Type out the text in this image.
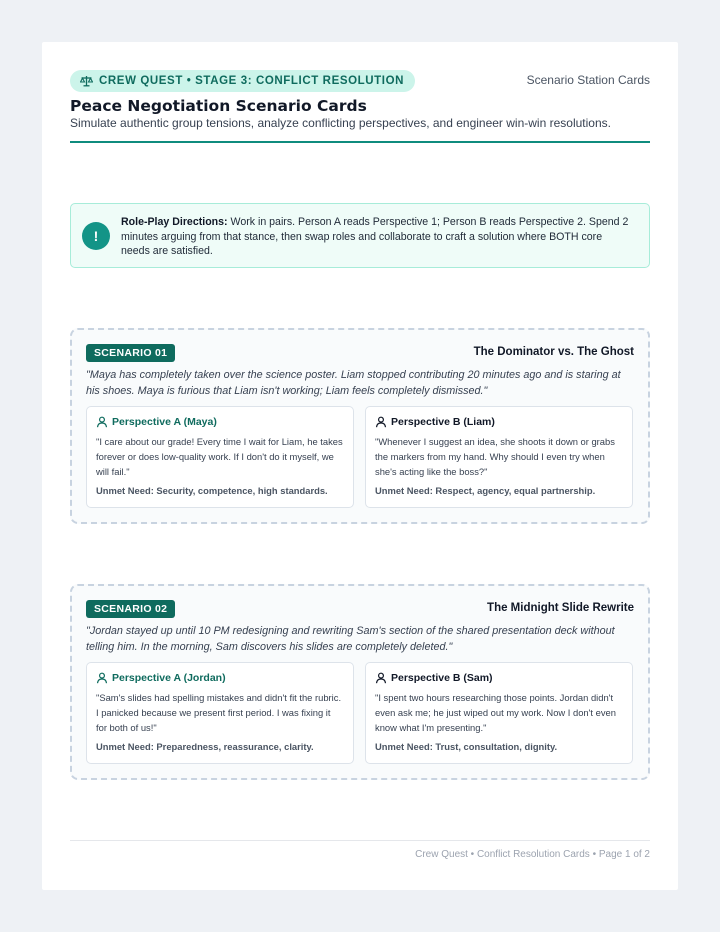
CREW QUEST • STAGE 3: CONFLICT RESOLUTION	Scenario Station Cards
Peace Negotiation Scenario Cards
Simulate authentic group tensions, analyze conflicting perspectives, and engineer win-win resolutions.
!
Role-Play Directions: Work in pairs. Person A reads Perspective 1; Person B reads Perspective 2. Spend 2 minutes arguing from that stance, then swap roles and collaborate to craft a solution where BOTH core needs are satisfied.
SCENARIO 01	The Dominator vs. The Ghost
"Maya has completely taken over the science poster. Liam stopped contributing 20 minutes ago and is staring at his shoes. Maya is furious that Liam isn't working; Liam feels completely dismissed."
Perspective A (Maya)
"I care about our grade! Every time I wait for Liam, he takes forever or does low-quality work. If I don't do it myself, we will fail."
Unmet Need: Security, competence, high standards.
Perspective B (Liam)
"Whenever I suggest an idea, she shoots it down or grabs the markers from my hand. Why should I even try when she's acting like the boss?"
Unmet Need: Respect, agency, equal partnership.
SCENARIO 02	The Midnight Slide Rewrite
"Jordan stayed up until 10 PM redesigning and rewriting Sam's section of the shared presentation deck without telling him. In the morning, Sam discovers his slides are completely deleted."
Perspective A (Jordan)
"Sam's slides had spelling mistakes and didn't fit the rubric. I panicked because we present first period. I was fixing it for both of us!"
Unmet Need: Preparedness, reassurance, clarity.
Perspective B (Sam)
"I spent two hours researching those points. Jordan didn't even ask me; he just wiped out my work. Now I don't even know what I'm presenting."
Unmet Need: Trust, consultation, dignity.
Crew Quest • Conflict Resolution Cards • Page 1 of 2
